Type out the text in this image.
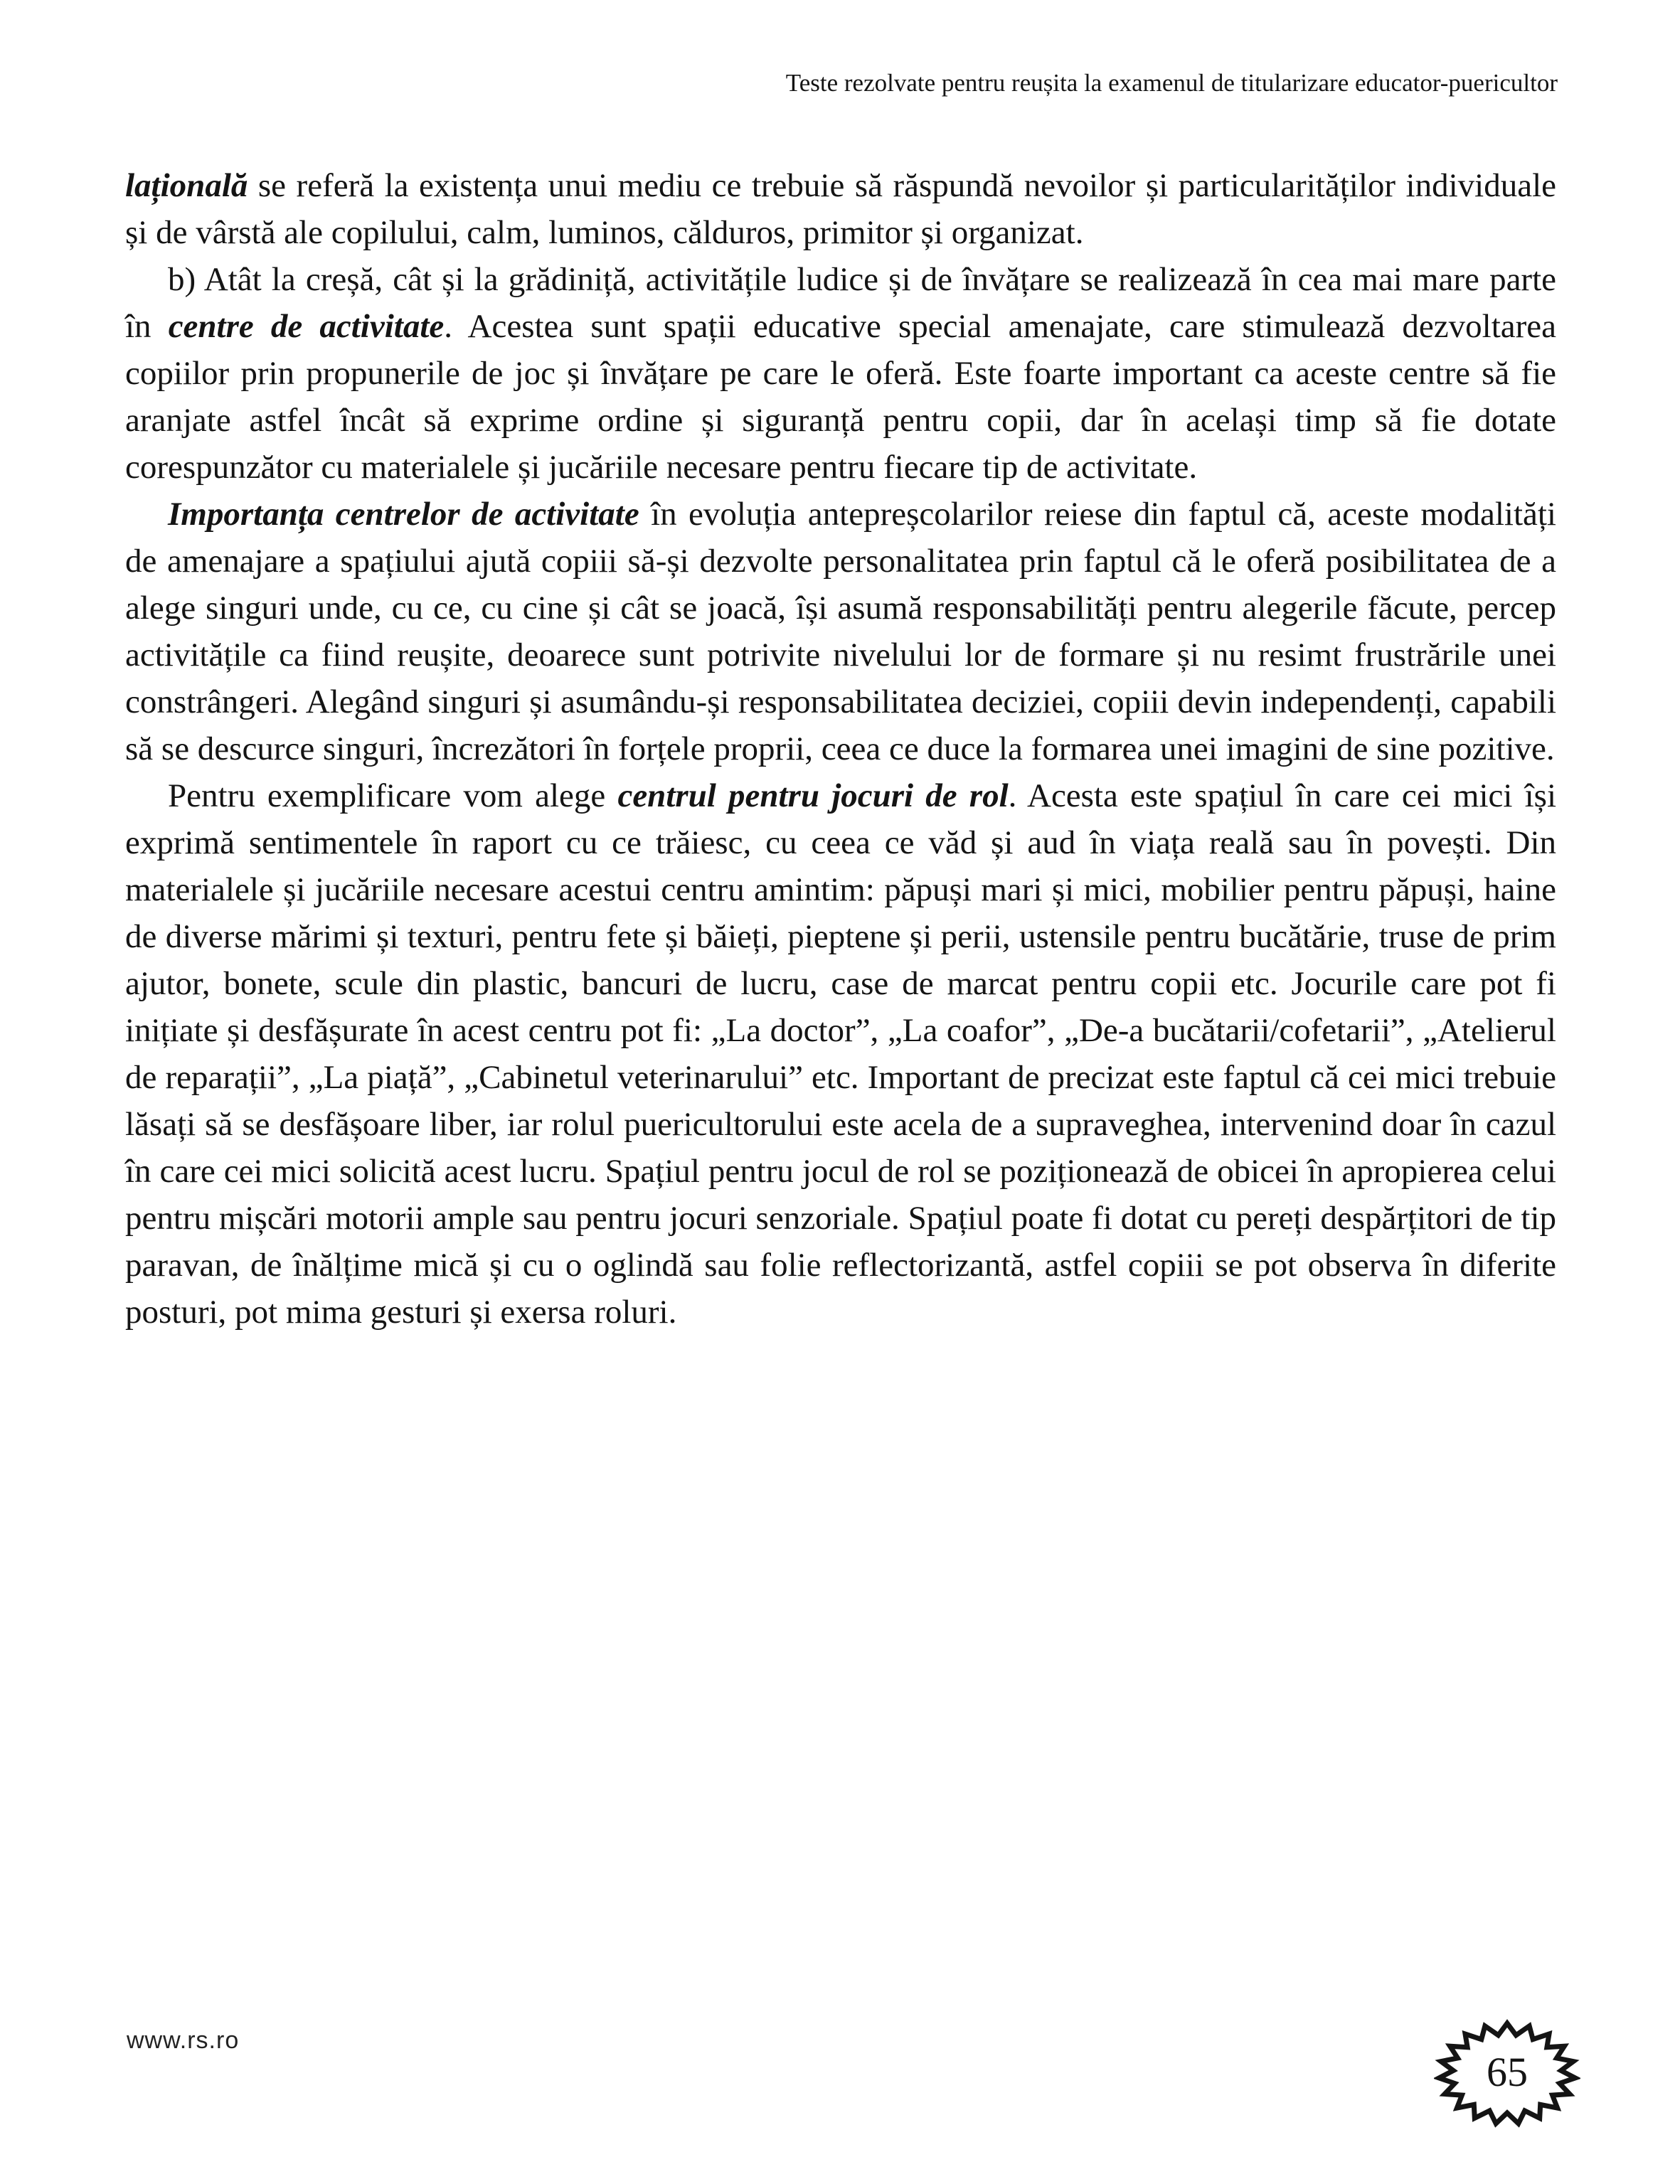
Teste rezolvate pentru reușita la examenul de titularizare educator-puericultor

lațională se referă la existența unui mediu ce trebuie să răspundă nevoilor și particularităților individuale și de vârstă ale copilului, calm, luminos, călduros, primitor și organizat.

b) Atât la creșă, cât și la grădiniță, activitățile ludice și de învățare se realizează în cea mai mare parte în centre de activitate. Acestea sunt spații educative special amenajate, care stimulează dezvoltarea copiilor prin propunerile de joc și învățare pe care le oferă. Este foarte important ca aceste centre să fie aranjate astfel încât să exprime ordine și siguranță pentru copii, dar în același timp să fie dotate corespunzător cu materialele și jucăriile necesare pentru fiecare tip de activitate.

Importanța centrelor de activitate în evoluția antepreșcolarilor reiese din faptul că, aceste modalități de amenajare a spațiului ajută copiii să-și dezvolte personalitatea prin faptul că le oferă posibilitatea de a alege singuri unde, cu ce, cu cine și cât se joacă, își asumă responsabilități pentru alegerile făcute, percep activitățile ca fiind reușite, deoarece sunt potrivite nivelului lor de formare și nu resimt frustrările unei constrângeri. Alegând singuri și asumându-și responsabilitatea deciziei, copiii devin independenți, capabili să se descurce singuri, încrezători în forțele proprii, ceea ce duce la formarea unei imagini de sine pozitive.

Pentru exemplificare vom alege centrul pentru jocuri de rol. Acesta este spațiul în care cei mici își exprimă sentimentele în raport cu ce trăiesc, cu ceea ce văd și aud în viața reală sau în povești. Din materialele și jucăriile necesare acestui centru amintim: păpuși mari și mici, mobilier pentru păpuși, haine de diverse mărimi și texturi, pentru fete și băieți, pieptene și perii, ustensile pentru bucătărie, truse de prim ajutor, bonete, scule din plastic, bancuri de lucru, case de marcat pentru copii etc. Jocurile care pot fi inițiate și desfășurate în acest centru pot fi: „La doctor”, „La coafor”, „De-a bucătarii/cofetarii”, „Atelierul de reparații”, „La piață”, „Cabinetul veterinarului” etc. Important de precizat este faptul că cei mici trebuie lăsați să se desfășoare liber, iar rolul puericultorului este acela de a supraveghea, intervenind doar în cazul în care cei mici solicită acest lucru. Spațiul pentru jocul de rol se poziționează de obicei în apropierea celui pentru mișcări motorii ample sau pentru jocuri senzoriale. Spațiul poate fi dotat cu pereți despărțitori de tip paravan, de înălțime mică și cu o oglindă sau folie reflectorizantă, astfel copiii se pot observa în diferite posturi, pot mima gesturi și exersa roluri.

www.rs.ro
65
